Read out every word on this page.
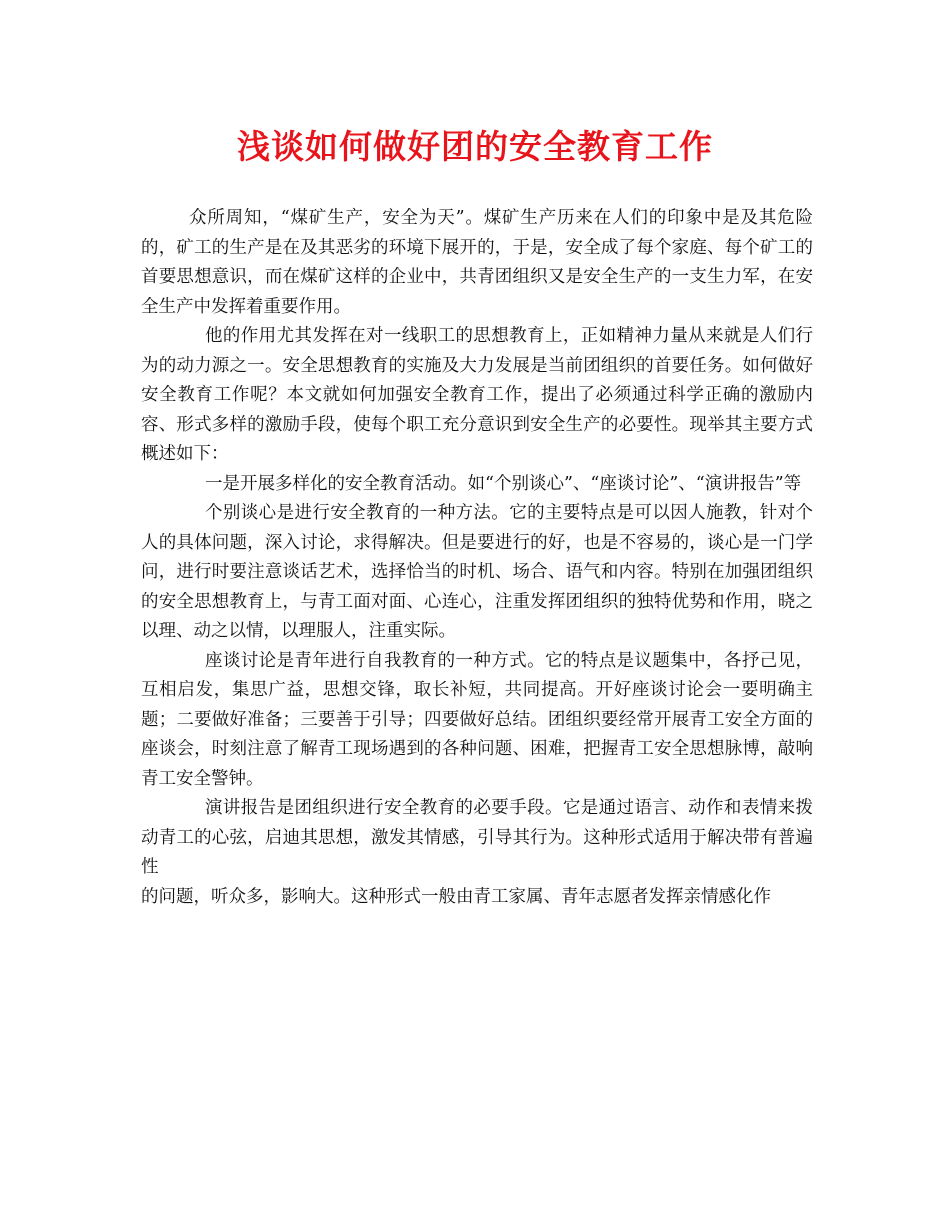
浅谈如何做好团的安全教育工作

众所周知，“煤矿生产，安全为天”。煤矿生产历来在人们的印象中是及其危险的，矿工的生产是在及其恶劣的环境下展开的，于是，安全成了每个家庭、每个矿工的首要思想意识，而在煤矿这样的企业中，共青团组织又是安全生产的一支生力军，在安全生产中发挥着重要作用。

他的作用尤其发挥在对一线职工的思想教育上，正如精神力量从来就是人们行为的动力源之一。安全思想教育的实施及大力发展是当前团组织的首要任务。如何做好安全教育工作呢？本文就如何加强安全教育工作，提出了必须通过科学正确的激励内容、形式多样的激励手段，使每个职工充分意识到安全生产的必要性。现举其主要方式概述如下：

一是开展多样化的安全教育活动。如“个别谈心”、“座谈讨论”、“演讲报告”等

个别谈心是进行安全教育的一种方法。它的主要特点是可以因人施教，针对个人的具体问题，深入讨论，求得解决。但是要进行的好，也是不容易的，谈心是一门学问，进行时要注意谈话艺术，选择恰当的时机、场合、语气和内容。特别在加强团组织的安全思想教育上，与青工面对面、心连心，注重发挥团组织的独特优势和作用，晓之以理、动之以情，以理服人，注重实际。

座谈讨论是青年进行自我教育的一种方式。它的特点是议题集中，各抒己见，互相启发，集思广益，思想交锋，取长补短，共同提高。开好座谈讨论会一要明确主题；二要做好准备；三要善于引导；四要做好总结。团组织要经常开展青工安全方面的座谈会，时刻注意了解青工现场遇到的各种问题、困难，把握青工安全思想脉博，敲响青工安全警钟。

演讲报告是团组织进行安全教育的必要手段。它是通过语言、动作和表情来拨动青工的心弦，启迪其思想，激发其情感，引导其行为。这种形式适用于解决带有普遍性

的问题，听众多，影响大。这种形式一般由青工家属、青年志愿者发挥亲情感化作
